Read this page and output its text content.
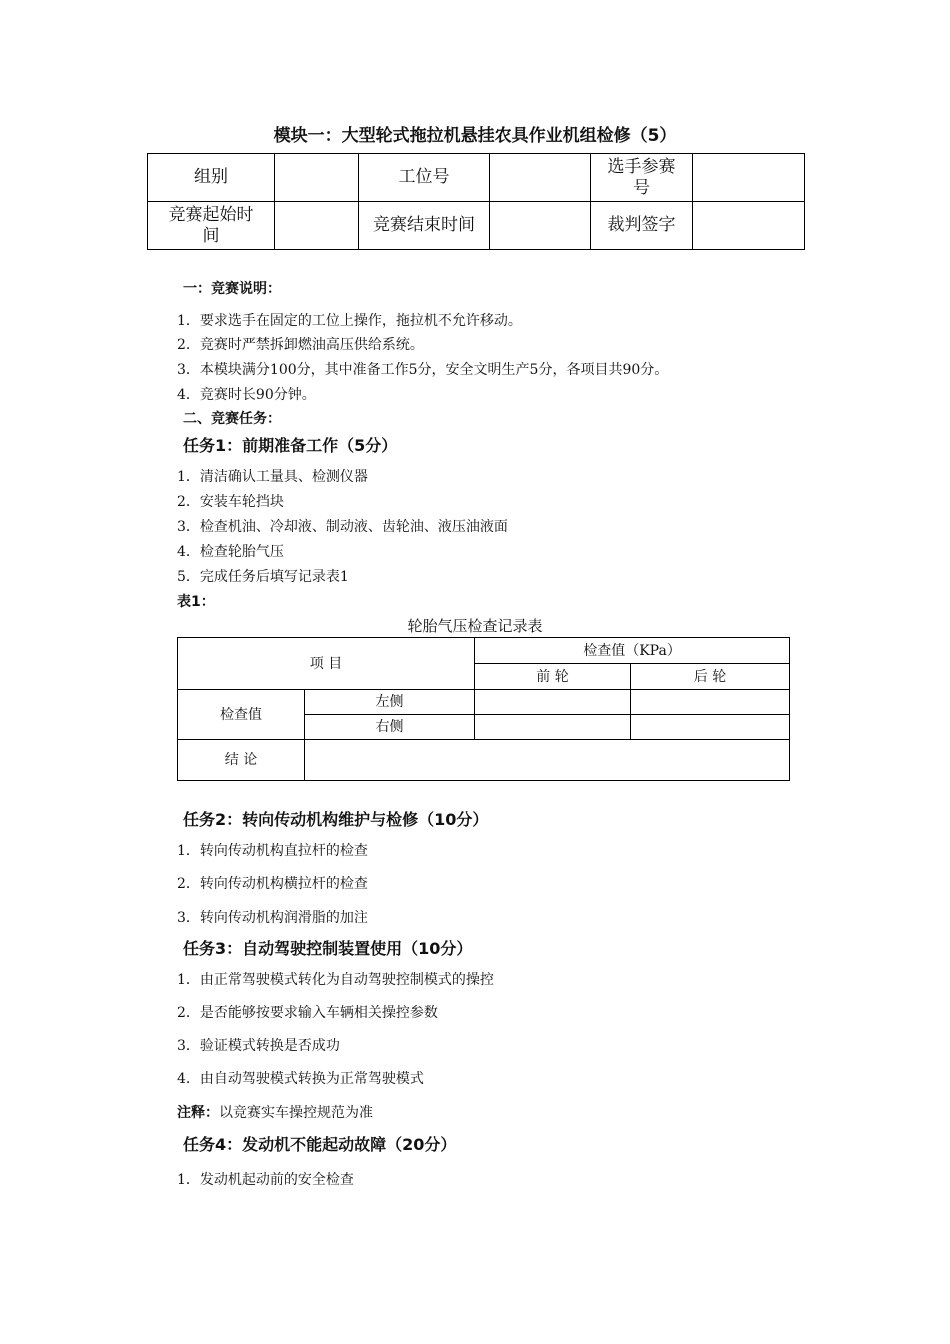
模块一：大型轮式拖拉机悬挂农具作业机组检修（5）
组别		工位号		选手参赛号	
竞赛起始时间		竞赛结束时间		裁判签字	
一：竞赛说明：
1．要求选手在固定的工位上操作，拖拉机不允许移动。
2．竞赛时严禁拆卸燃油高压供给系统。
3．本模块满分100分，其中准备工作5分，安全文明生产5分，各项目共90分。
4．竞赛时长90分钟。
二、竞赛任务：
任务1：前期准备工作（5分）
1．清洁确认工量具、检测仪器
2．安装车轮挡块
3．检查机油、冷却液、制动液、齿轮油、液压油液面
4．检查轮胎气压
5．完成任务后填写记录表1
表1：
轮胎气压检查记录表
项 目		检查值（KPa）	
		前 轮	后 轮
检查值	左侧		
	右侧		
结 论			
任务2：转向传动机构维护与检修（10分）
1．转向传动机构直拉杆的检查
2．转向传动机构横拉杆的检查
3．转向传动机构润滑脂的加注
任务3：自动驾驶控制装置使用（10分）
1．由正常驾驶模式转化为自动驾驶控制模式的操控
2．是否能够按要求输入车辆相关操控参数
3．验证模式转换是否成功
4．由自动驾驶模式转换为正常驾驶模式
注释：以竞赛实车操控规范为准
任务4：发动机不能起动故障（20分）
1．发动机起动前的安全检查
